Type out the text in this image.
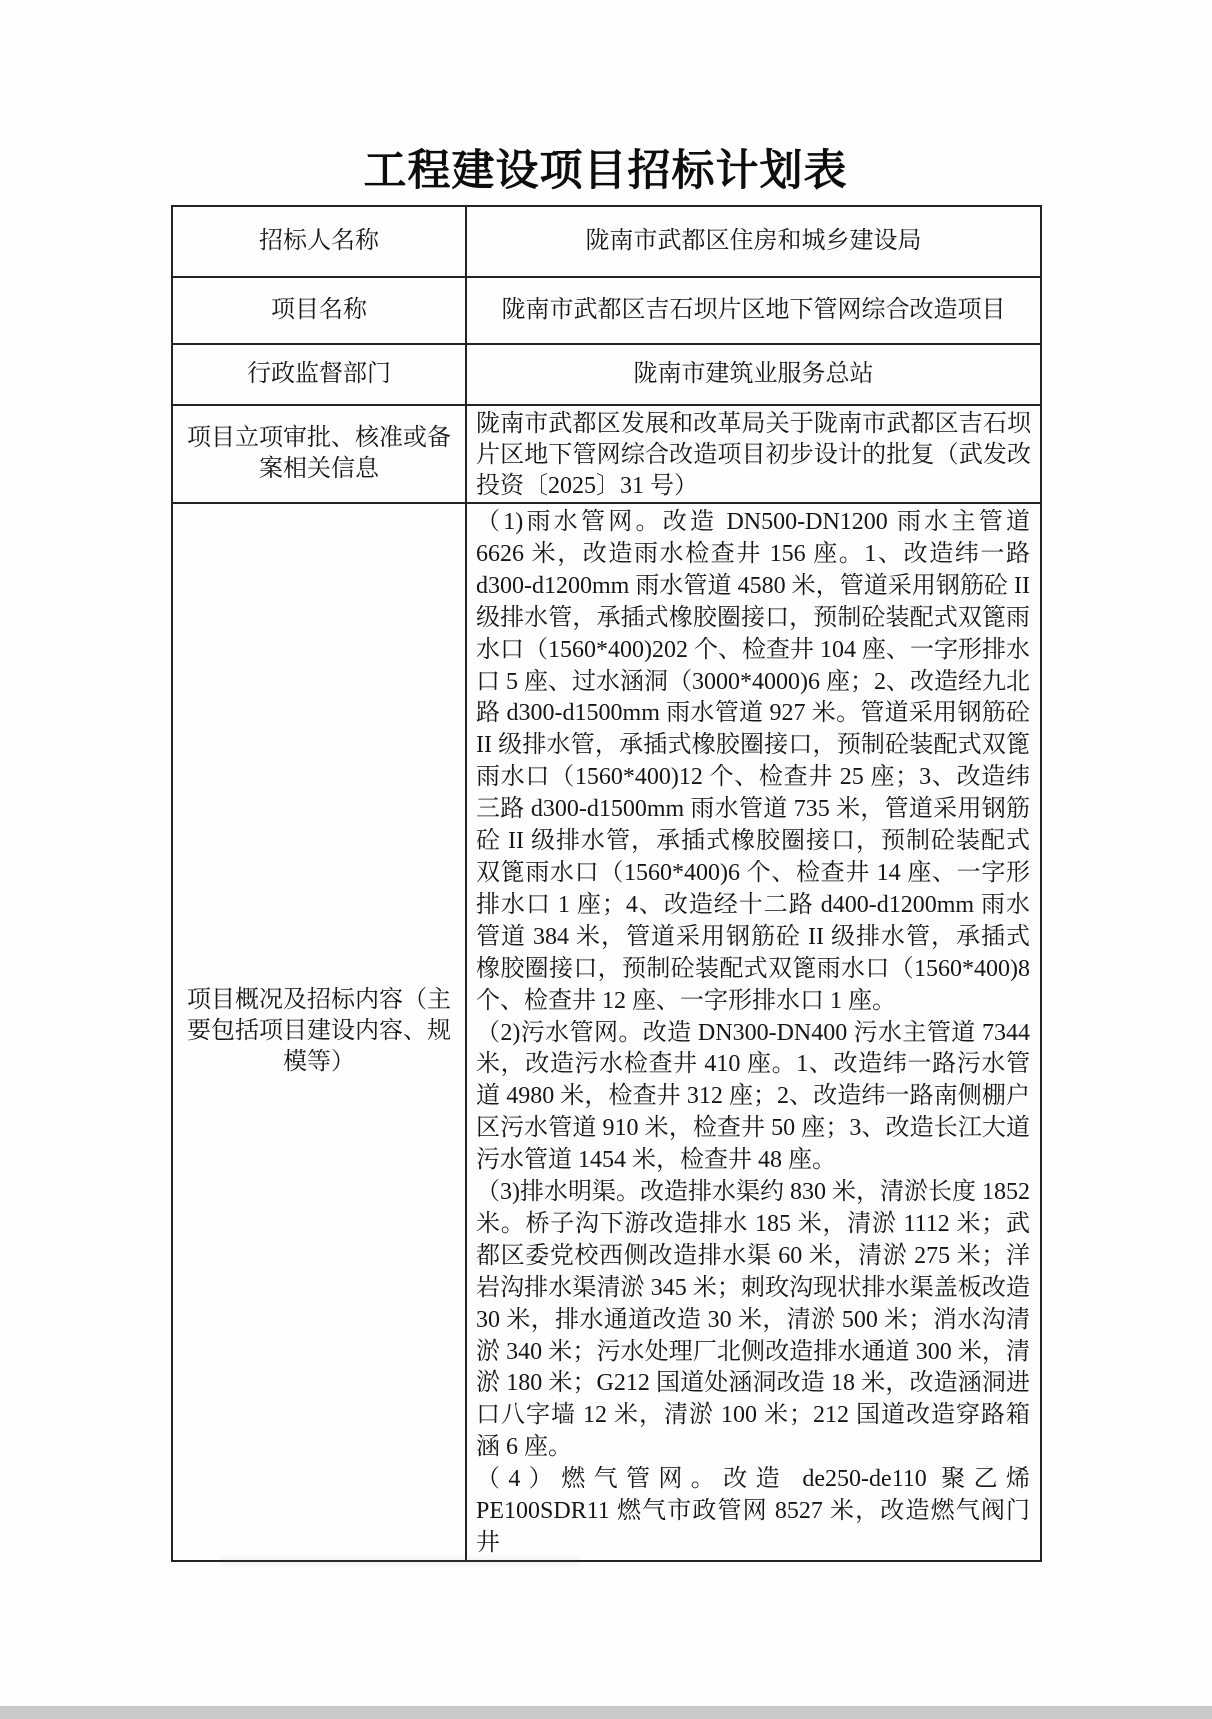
工程建设项目招标计划表
招标人名称	陇南市武都区住房和城乡建设局
项目名称	陇南市武都区吉石坝片区地下管网综合改造项目
行政监督部门	陇南市建筑业服务总站
项目立项审批、核准或备案相关信息	陇南市武都区发展和改革局关于陇南市武都区吉石坝片区地下管网综合改造项目初步设计的批复（武发改投资〔2025〕31 号）
项目概况及招标内容（主要包括项目建设内容、规模等）	（1)雨水管网。改造 DN500-DN1200 雨水主管道 6626 米，改造雨水检查井 156 座。1、改造纬一路 d300-d1200mm 雨水管道 4580 米，管道采用钢筋砼 II 级排水管，承插式橡胶圈接口，预制砼装配式双篦雨水口（1560*400)202 个、检查井 104 座、一字形排水口 5 座、过水涵洞（3000*4000)6 座；2、改造经九北路 d300-d1500mm 雨水管道 927 米。管道采用钢筋砼 II 级排水管，承插式橡胶圈接口，预制砼装配式双篦雨水口（1560*400)12 个、检查井 25 座；3、改造纬三路 d300-d1500mm 雨水管道 735 米，管道采用钢筋砼 II 级排水管，承插式橡胶圈接口，预制砼装配式双篦雨水口（1560*400)6 个、检查井 14 座、一字形排水口 1 座；4、改造经十二路 d400-d1200mm 雨水管道 384 米，管道采用钢筋砼 II 级排水管，承插式橡胶圈接口，预制砼装配式双篦雨水口（1560*400)8 个、检查井 12 座、一字形排水口 1 座。
（2)污水管网。改造 DN300-DN400 污水主管道 7344 米，改造污水检查井 410 座。1、改造纬一路污水管道 4980 米，检查井 312 座；2、改造纬一路南侧棚户区污水管道 910 米，检查井 50 座；3、改造长江大道污水管道 1454 米，检查井 48 座。
（3)排水明渠。改造排水渠约 830 米，清淤长度 1852 米。桥子沟下游改造排水 185 米，清淤 1112 米；武都区委党校西侧改造排水渠 60 米，清淤 275 米；洋岩沟排水渠清淤 345 米；刺玫沟现状排水渠盖板改造 30 米，排水通道改造 30 米，清淤 500 米；消水沟清淤 340 米；污水处理厂北侧改造排水通道 300 米，清淤 180 米；G212 国道处涵洞改造 18 米，改造涵洞进口八字墙 12 米，清淤 100 米；212 国道改造穿路箱涵 6 座。
（4）燃气管网。改造 de250-de110 聚乙烯 PE100SDR11 燃气市政管网 8527 米，改造燃气阀门井
